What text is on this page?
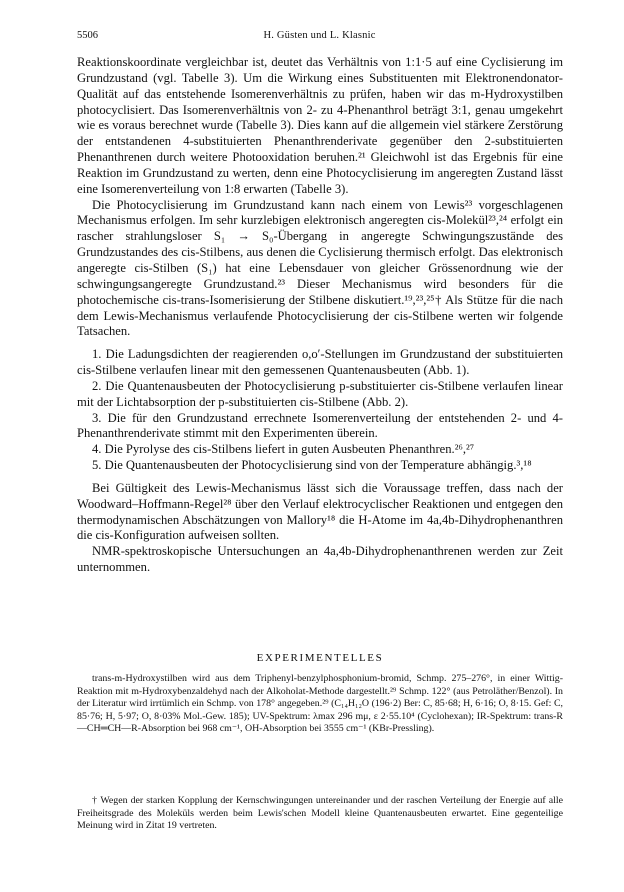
5506	H. Güsten und L. Klasnic

Reaktionskoordinate vergleichbar ist, deutet das Verhältnis von 1:1·5 auf eine Cyclisierung im Grundzustand (vgl. Tabelle 3). Um die Wirkung eines Substituenten mit Elektronendonator-Qualität auf das entstehende Isomerenverhältnis zu prüfen, haben wir das m-Hydroxystilben photocyclisiert. Das Isomerenverhältnis von 2- zu 4-Phenanthrol beträgt 3:1, genau umgekehrt wie es voraus berechnet wurde (Tabelle 3). Dies kann auf die allgemein viel stärkere Zerstörung der entstandenen 4-substituierten Phenanthrenderivate gegenüber den 2-substituierten Phenanthrenen durch weitere Photooxidation beruhen.²¹ Gleichwohl ist das Ergebnis für eine Reaktion im Grundzustand zu werten, denn eine Photocyclisierung im angeregten Zustand lässt eine Isomerenverteilung von 1:8 erwarten (Tabelle 3).

Die Photocyclisierung im Grundzustand kann nach einem von Lewis²³ vorgeschlagenen Mechanismus erfolgen. Im sehr kurzlebigen elektronisch angeregten cis-Molekül²³,²⁴ erfolgt ein rascher strahlungsloser S₁ → S₀-Übergang in angeregte Schwingungszustände des Grundzustandes des cis-Stilbens, aus denen die Cyclisierung thermisch erfolgt. Das elektronisch angeregte cis-Stilben (S₁) hat eine Lebensdauer von gleicher Grössenordnung wie der schwingungsangeregte Grundzustand.²³ Dieser Mechanismus wird besonders für die photochemische cis-trans-Isomerisierung der Stilbene diskutiert.¹⁹,²³,²⁵† Als Stütze für die nach dem Lewis-Mechanismus verlaufende Photocyclisierung der cis-Stilbene werten wir folgende Tatsachen.

1. Die Ladungsdichten der reagierenden o,o′-Stellungen im Grundzustand der substituierten cis-Stilbene verlaufen linear mit den gemessenen Quantenausbeuten (Abb. 1).

2. Die Quantenausbeuten der Photocyclisierung p-substituierter cis-Stilbene verlaufen linear mit der Lichtabsorption der p-substituierten cis-Stilbene (Abb. 2).

3. Die für den Grundzustand errechnete Isomerenverteilung der entstehenden 2- und 4-Phenanthrenderivate stimmt mit den Experimenten überein.

4. Die Pyrolyse des cis-Stilbens liefert in guten Ausbeuten Phenanthren.²⁶,²⁷

5. Die Quantenausbeuten der Photocyclisierung sind von der Temperature abhängig.³,¹⁸

Bei Gültigkeit des Lewis-Mechanismus lässt sich die Voraussage treffen, dass nach der Woodward–Hoffmann-Regel²⁸ über den Verlauf elektrocyclischer Reaktionen und entgegen den thermodynamischen Abschätzungen von Mallory¹⁸ die H-Atome im 4a,4b-Dihydrophenanthren die cis-Konfiguration aufweisen sollten.

NMR-spektroskopische Untersuchungen an 4a,4b-Dihydrophenanthrenen werden zur Zeit unternommen.

EXPERIMENTELLES

trans-m-Hydroxystilben wird aus dem Triphenyl-benzylphosphonium-bromid, Schmp. 275–276°, in einer Wittig-Reaktion mit m-Hydroxybenzaldehyd nach der Alkoholat-Methode dargestellt.²⁹ Schmp. 122° (aus Petroläther/Benzol). In der Literatur wird irrtümlich ein Schmp. von 178° angegeben.²⁹ (C₁₄H₁₂O (196·2) Ber: C, 85·68; H, 6·16; O, 8·15. Gef: C, 85·76; H, 5·97; O, 8·03% Mol.-Gew. 185); UV-Spektrum: λmax 296 mμ, ε 2·55.10⁴ (Cyclohexan); IR-Spektrum: trans-R—CH═CH—R-Absorption bei 968 cm⁻¹, OH-Absorption bei 3555 cm⁻¹ (KBr-Pressling).

† Wegen der starken Kopplung der Kernschwingungen untereinander und der raschen Verteilung der Energie auf alle Freiheitsgrade des Moleküls werden beim Lewis'schen Modell kleine Quantenausbeuten erwartet. Eine gegenteilige Meinung wird in Zitat 19 vertreten.
